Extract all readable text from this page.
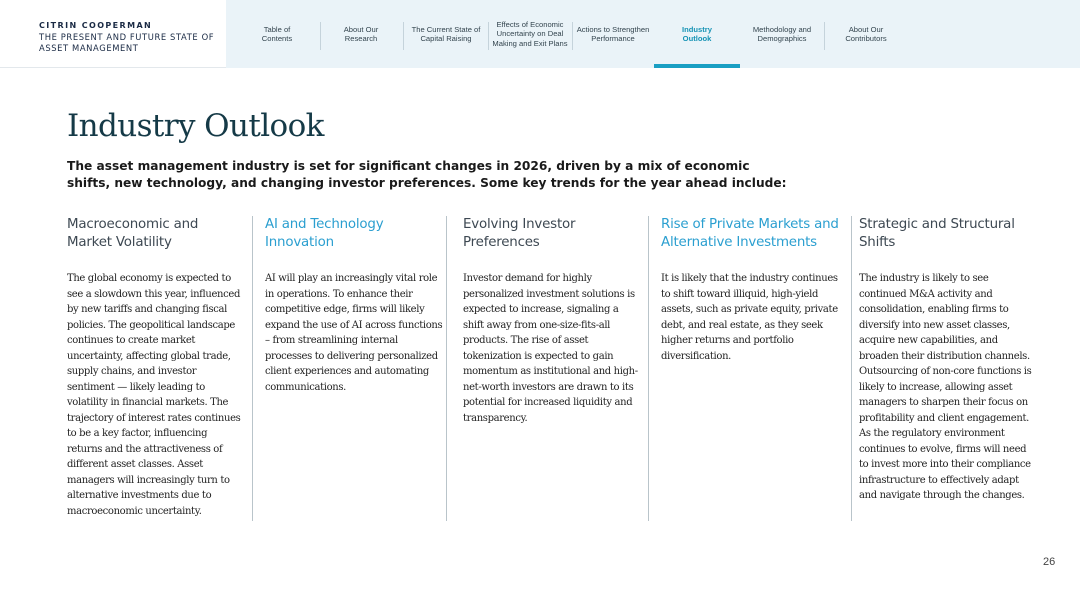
CITRIN COOPERMAN
THE PRESENT AND FUTURE STATE OF ASSET MANAGEMENT
Table of Contents
About Our Research
The Current State of Capital Raising
Effects of Economic Uncertainty on Deal Making and Exit Plans
Actions to Strengthen Performance
Industry Outlook
Methodology and Demographics
About Our Contributors
Industry Outlook

The asset management industry is set for significant changes in 2026, driven by a mix of economic shifts, new technology, and changing investor preferences. Some key trends for the year ahead include:

Macroeconomic and Market Volatility

The global economy is expected to see a slowdown this year, influenced by new tariffs and changing fiscal policies. The geopolitical landscape continues to create market uncertainty, affecting global trade, supply chains, and investor sentiment — likely leading to volatility in financial markets. The trajectory of interest rates continues to be a key factor, influencing returns and the attractiveness of different asset classes. Asset managers will increasingly turn to alternative investments due to macroeconomic uncertainty.

AI and Technology Innovation

AI will play an increasingly vital role in operations. To enhance their competitive edge, firms will likely expand the use of AI across functions – from streamlining internal processes to delivering personalized client experiences and automating communications.

Evolving Investor Preferences

Investor demand for highly personalized investment solutions is expected to increase, signaling a shift away from one-size-fits-all products. The rise of asset tokenization is expected to gain momentum as institutional and high-net-worth investors are drawn to its potential for increased liquidity and transparency.

Rise of Private Markets and Alternative Investments

It is likely that the industry continues to shift toward illiquid, high-yield assets, such as private equity, private debt, and real estate, as they seek higher returns and portfolio diversification.

Strategic and Structural Shifts

The industry is likely to see continued M&A activity and consolidation, enabling firms to diversify into new asset classes, acquire new capabilities, and broaden their distribution channels. Outsourcing of non-core functions is likely to increase, allowing asset managers to sharpen their focus on profitability and client engagement. As the regulatory environment continues to evolve, firms will need to invest more into their compliance infrastructure to effectively adapt and navigate through the changes.

26
